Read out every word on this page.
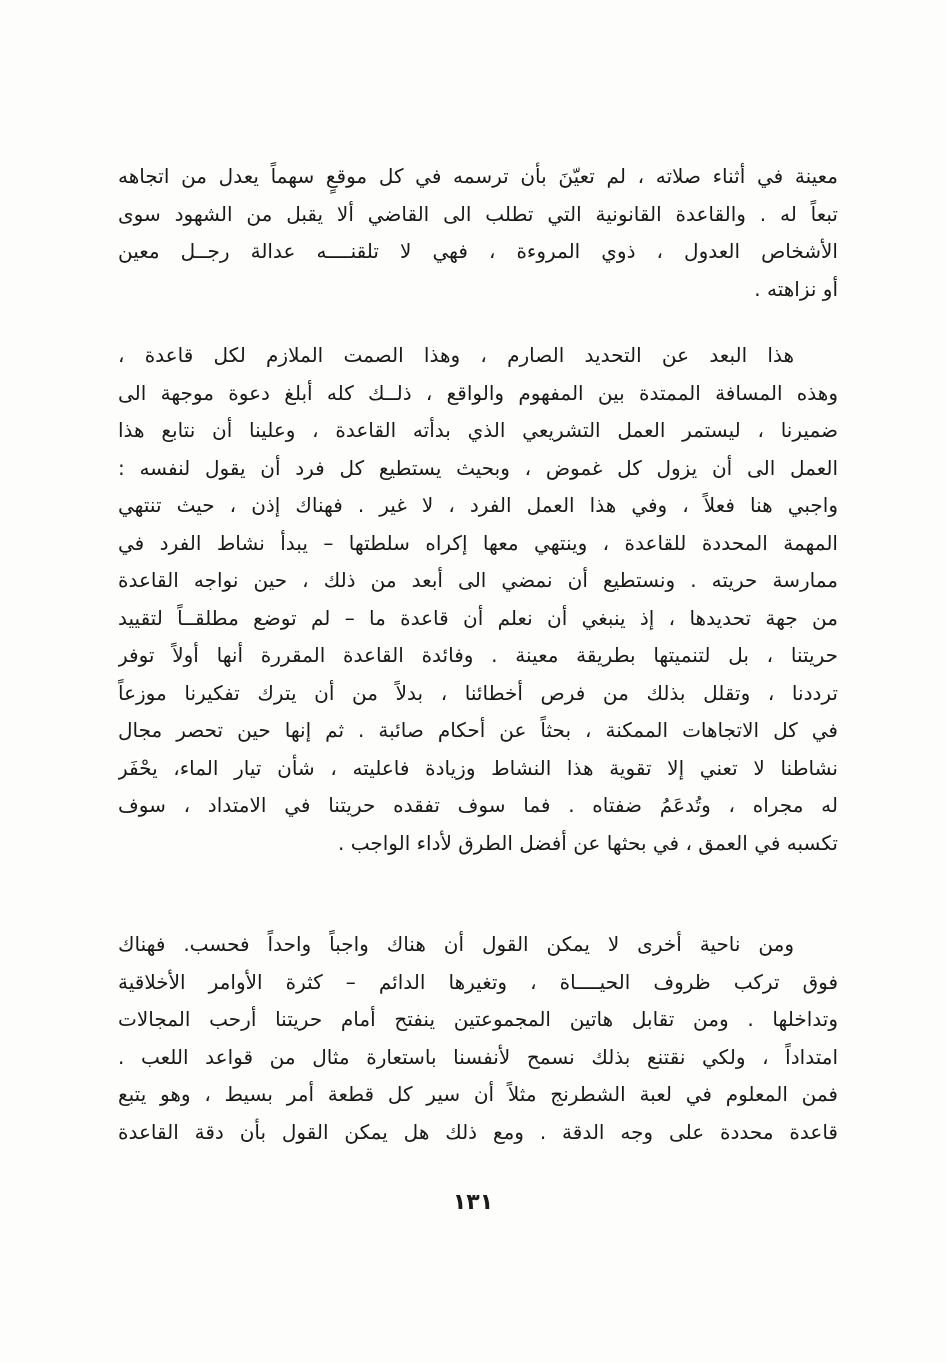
معينة في أثناء صلاته ، لم تعيّنَ بأن ترسمه في كل موقعٍ سهماً يعدل من اتجاهه
تبعاً له . والقاعدة القانونية التي تطلب الى القاضي ألا يقبل من الشهود سوى
الأشخاص العدول ، ذوي المروءة ، فهي لا تلقنــــه عدالة رجــل معين
أو نزاهته .
هذا البعد عن التحديد الصارم ، وهذا الصمت الملازم لكل قاعدة ،
وهذه المسافة الممتدة بين المفهوم والواقع ، ذلــك كله أبلغ دعوة موجهة الى
ضميرنا ، ليستمر العمل التشريعي الذي بدأته القاعدة ، وعلينا أن نتابع هذا
العمل الى أن يزول كل غموض ، وبحيث يستطيع كل فرد أن يقول لنفسه :
واجبي هنا فعلاً ، وفي هذا العمل الفرد ، لا غير . فهناك إذن ، حيث تنتهي
المهمة المحددة للقاعدة ، وينتهي معها إكراه سلطتها – يبدأ نشاط الفرد في
ممارسة حريته . ونستطيع أن نمضي الى أبعد من ذلك ، حين نواجه القاعدة
من جهة تحديدها ، إذ ينبغي أن نعلم أن قاعدة ما – لم توضع مطلقــاً لتقييد
حريتنا ، بل لتنميتها بطريقة معينة . وفائدة القاعدة المقررة أنها أولاً توفر
ترددنا ، وتقلل بذلك من فرص أخطائنا ، بدلاً من أن يترك تفكيرنا موزعاً
في كل الاتجاهات الممكنة ، بحثاً عن أحكام صائبة . ثم إنها حين تحصر مجال
نشاطنا لا تعني إلا تقوية هذا النشاط وزيادة فاعليته ، شأن تيار الماء، يحْفَر
له مجراه ، وتُدعَمُ ضفتاه . فما سوف تفقده حريتنا في الامتداد ، سوف
تكسبه في العمق ، في بحثها عن أفضل الطرق لأداء الواجب .
ومن ناحية أخرى لا يمكن القول أن هناك واجباً واحداً فحسب. فهناك
فوق تركب ظروف الحيــــاة ، وتغيرها الدائم – كثرة الأوامر الأخلاقية
وتداخلها . ومن تقابل هاتين المجموعتين ينفتح أمام حريتنا أرحب المجالات
امتداداً ، ولكي نقتنع بذلك نسمح لأنفسنا باستعارة مثال من قواعد اللعب .
فمن المعلوم في لعبة الشطرنج مثلاً أن سير كل قطعة أمر بسيط ، وهو يتبع
قاعدة محددة على وجه الدقة . ومع ذلك هل يمكن القول بأن دقة القاعدة
١٣١
